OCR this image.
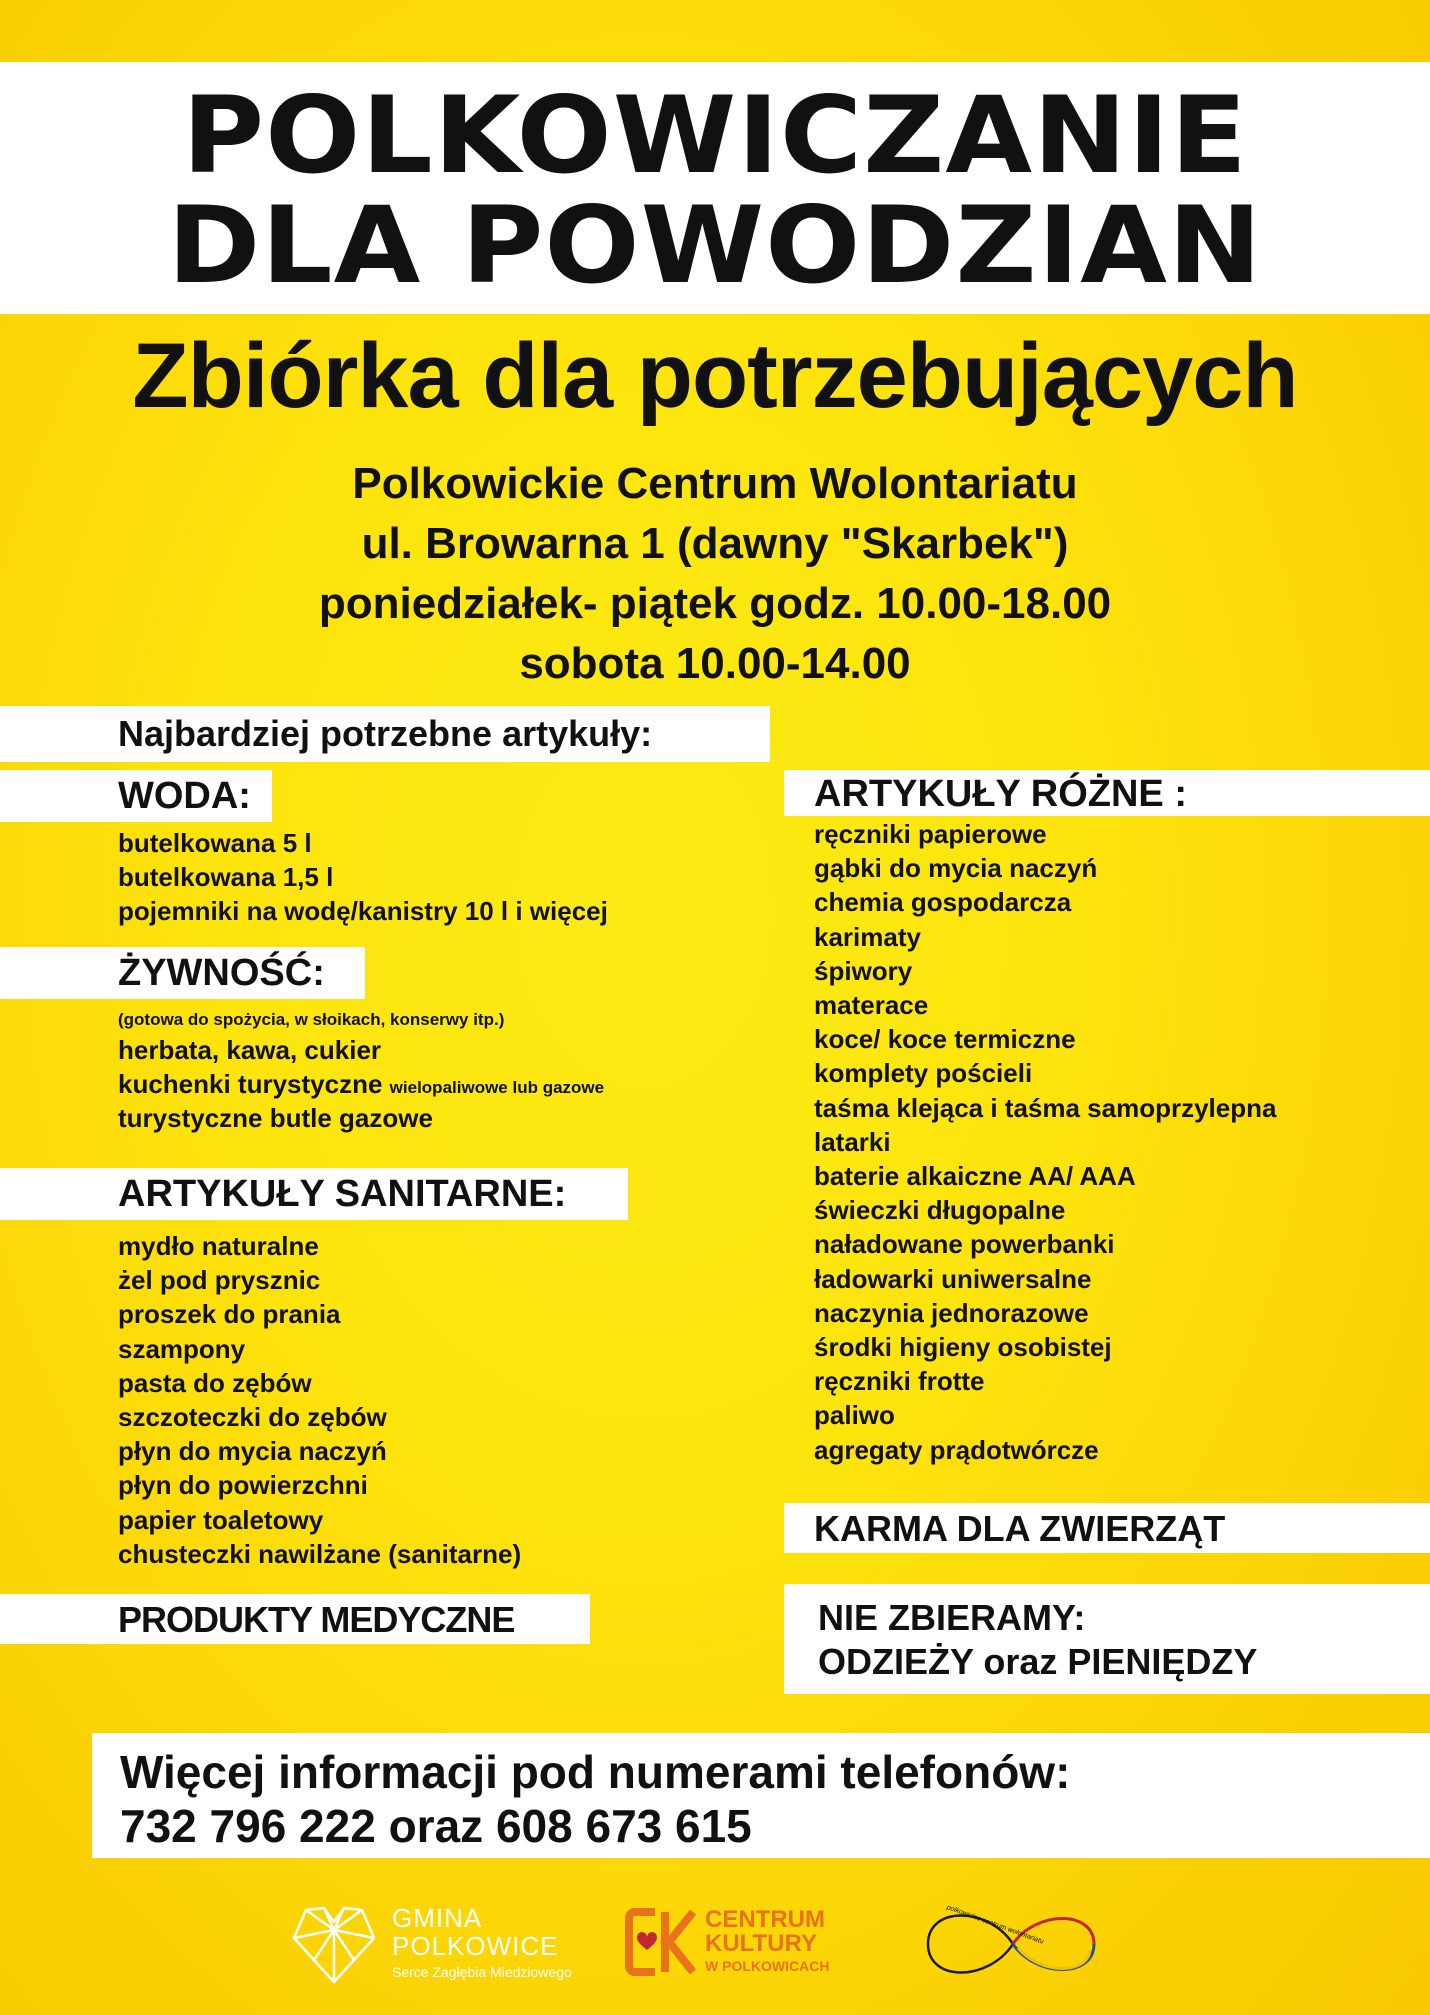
POLKOWICZANIE
DLA POWODZIAN
Zbiórka dla potrzebujących
Polkowickie Centrum Wolontariatu
ul. Browarna 1 (dawny "Skarbek")
poniedziałek- piątek godz. 10.00-18.00
sobota 10.00-14.00
Najbardziej potrzebne artykuły:
WODA:
butelkowana 5 l
butelkowana 1,5 l
pojemniki na wodę/kanistry 10 l i więcej
ŻYWNOŚĆ:
(gotowa do spożycia, w słoikach, konserwy itp.)
herbata, kawa, cukier
kuchenki turystyczne wielopaliwowe lub gazowe
turystyczne butle gazowe
ARTYKUŁY SANITARNE:
mydło naturalne
żel pod prysznic
proszek do prania
szampony
pasta do zębów
szczoteczki do zębów
płyn do mycia naczyń
płyn do powierzchni
papier toaletowy
chusteczki nawilżane (sanitarne)
PRODUKTY MEDYCZNE
ARTYKUŁY RÓŻNE :
ręczniki papierowe
gąbki do mycia naczyń
chemia gospodarcza
karimaty
śpiwory
materace
koce/ koce termiczne
komplety pościeli
taśma klejąca i taśma samoprzylepna
latarki
baterie alkaiczne AA/ AAA
świeczki długopalne
naładowane powerbanki
ładowarki uniwersalne
naczynia jednorazowe
środki higieny osobistej
ręczniki frotte
paliwo
agregaty prądotwórcze
KARMA DLA ZWIERZĄT
NIE ZBIERAMY:
ODZIEŻY oraz PIENIĘDZY
Więcej informacji pod numerami telefonów:
732 796 222 oraz 608 673 615
GMINA
POLKOWICE
Serce Zagłębia Miedziowego
CENTRUM
KULTURY
W POLKOWICACH
polkowickie centrum wolontariatu
